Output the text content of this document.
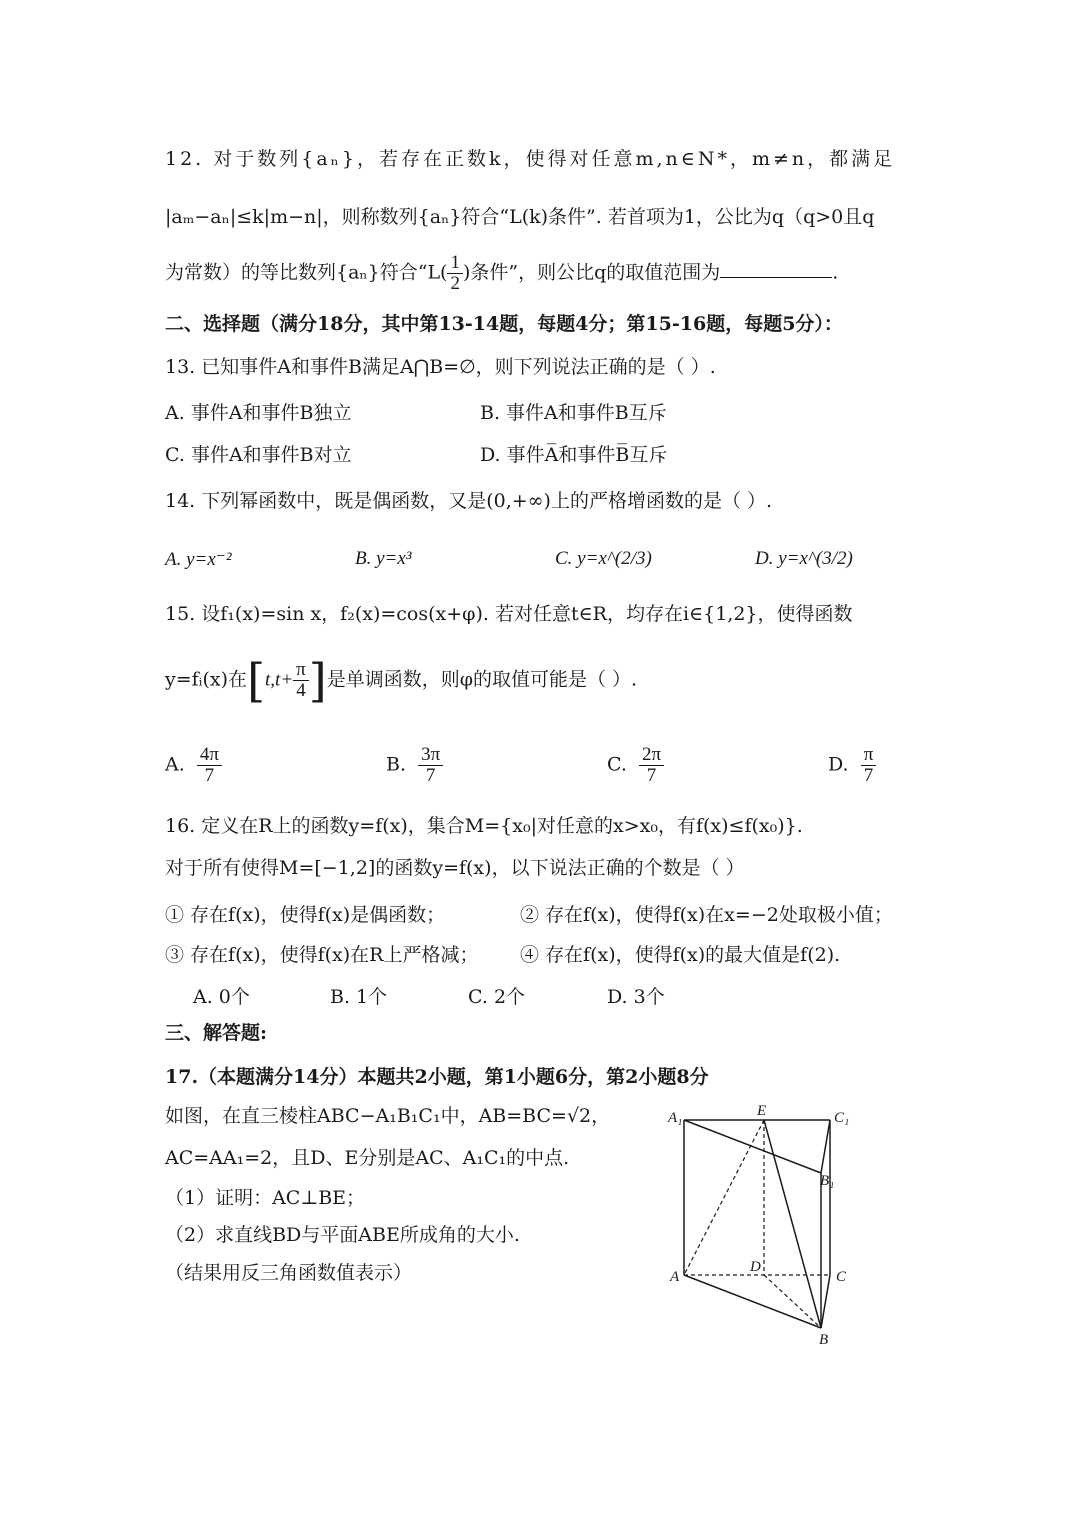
12. 对于数列{aₙ}，若存在正数k，使得对任意m,n∈N*，m≠n，都满足
|aₘ−aₙ|≤k|m−n|，则称数列{aₙ}符合“L(k)条件”. 若首项为1，公比为q（q>0且q
为常数）的等比数列{aₙ}符合“$L( \frac{1}{2}$ )条件”，则公比q的取值范围为	.
二、选择题（满分18分，其中第13-14题，每题4分；第15-16题，每题5分）：
13. 已知事件A和事件B满足A⋂B=∅，则下列说法正确的是（ ）.
A. 事件A和事件B独立	B. 事件A和事件B互斥
C. 事件A和事件B对立	D. 事件A̅和事件B̅互斥
14. 下列幂函数中，既是偶函数，又是(0,+∞)上的严格增函数的是（ ）.
A. y=x⁻²	B. y=x³	C. y=x^(2/3)	D. y=x^(3/2)
15. 设f₁(x)=sin x，f₂(x)=cos(x+φ). 若对任意t∈R，均存在i∈{1,2}，使得函数
y=fᵢ(x)在[$t,t+ \frac{\pi}{4}$ ]是单调函数，则φ的取值可能是（ ）.
A. $\frac{4\pi}{7}$	B. $\frac{3\pi}{7}$	C. $\frac{2\pi}{7}$	D. $\frac{\pi}{7}$
16. 定义在R上的函数y=f(x)，集合M={x₀|对任意的x>x₀，有f(x)≤f(x₀)}.
对于所有使得M=[−1,2]的函数y=f(x)，以下说法正确的个数是（ ）
① 存在f(x)，使得f(x)是偶函数；	② 存在f(x)，使得f(x)在x=−2处取极小值；
③ 存在f(x)，使得f(x)在R上严格减； ④ 存在f(x)，使得f(x)的最大值是f(2).
A. 0个	B. 1个	C. 2个	D. 3个
三、解答题:
17.（本题满分14分）本题共2小题，第1小题6分，第2小题8分
如图，在直三棱柱ABC−A₁B₁C₁中，AB=BC=√2，
AC=AA₁=2，且D、E分别是AC、A₁C₁的中点.
（1）证明：AC⊥BE；
（2）求直线BD与平面ABE所成角的大小.
（结果用反三角函数值表示）
A₁	E	C₁
B₁
A
D
C
B
